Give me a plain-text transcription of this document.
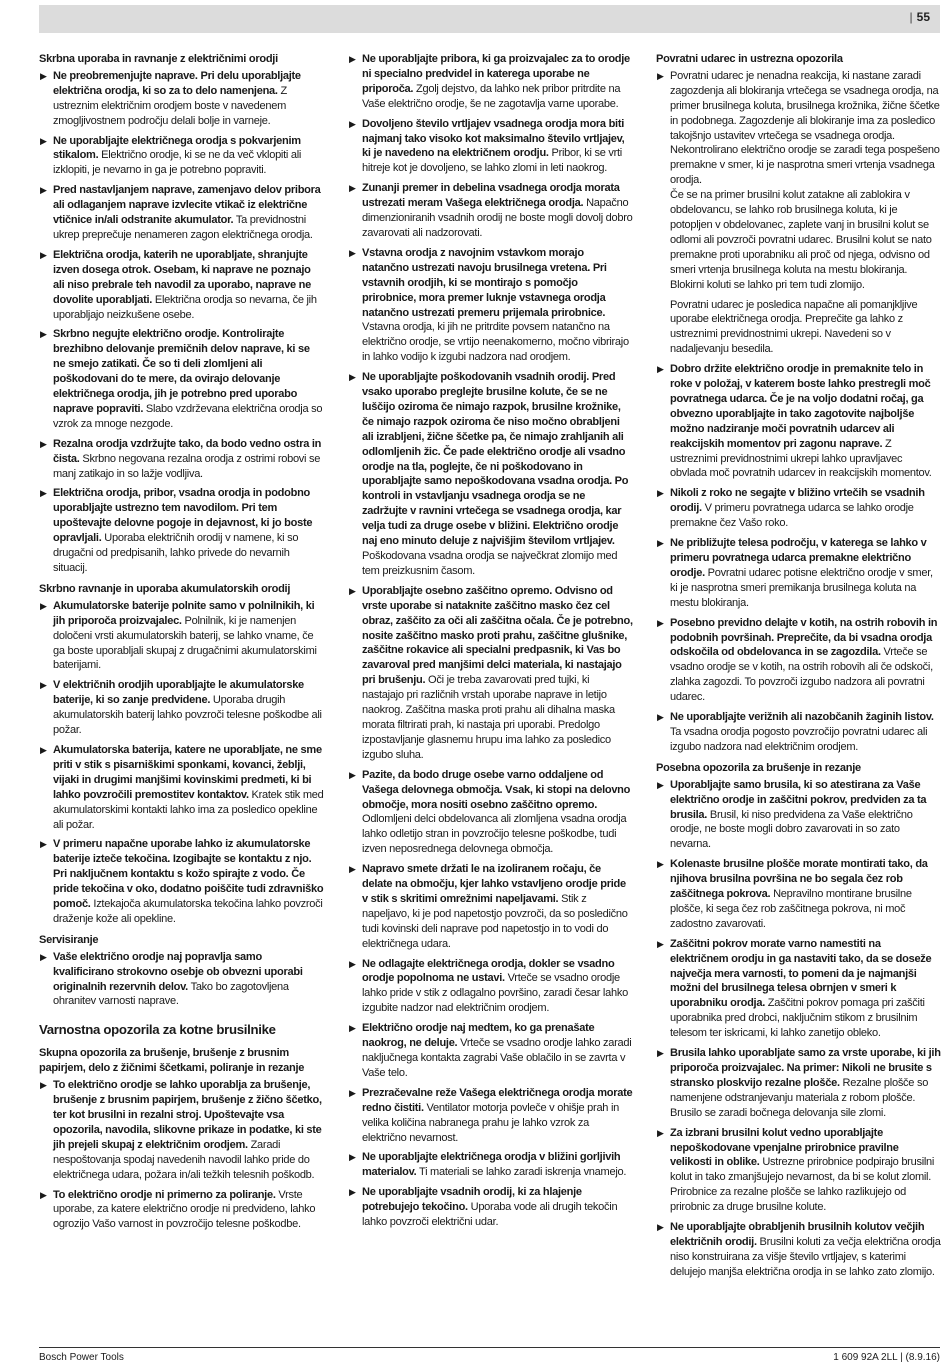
| 55
Skrbna uporaba in ravnanje z električnimi orodji
▶ Ne preobremenjujte naprave. Pri delu uporabljajte električna orodja, ki so za to delo namenjena. Z ustreznim električnim orodjem boste v navedenem zmogljivostnem področju delali bolje in varneje.
▶ Ne uporabljajte električnega orodja s pokvarjenim stikalom. Električno orodje, ki se ne da več vklopiti ali izklopiti, je nevarno in ga je potrebno popraviti.
▶ Pred nastavljanjem naprave, zamenjavo delov pribora ali odlaganjem naprave izvlecite vtikač iz električne vtičnice in/ali odstranite akumulator. Ta previdnostni ukrep preprečuje nenameren zagon električnega orodja.
▶ Električna orodja, katerih ne uporabljate, shranjujte izven dosega otrok. Osebam, ki naprave ne poznajo ali niso prebrale teh navodil za uporabo, naprave ne dovolite uporabljati. Električna orodja so nevarna, če jih uporabljajo neizkušene osebe.
▶ Skrbno negujte električno orodje. Kontrolirajte brezhibno delovanje premičnih delov naprave, ki se ne smejo zatikati. Če so ti deli zlomljeni ali poškodovani do te mere, da ovirajo delovanje električnega orodja, jih je potrebno pred uporabo naprave popraviti. Slabo vzdrževana električna orodja so vzrok za mnoge nezgode.
▶ Rezalna orodja vzdržujte tako, da bodo vedno ostra in čista. Skrbno negovana rezalna orodja z ostrimi robovi se manj zatikajo in so lažje vodljiva.
▶ Električna orodja, pribor, vsadna orodja in podobno uporabljajte ustrezno tem navodilom. Pri tem upoštevajte delovne pogoje in dejavnost, ki jo boste opravljali. Uporaba električnih orodij v namene, ki so drugačni od predpisanih, lahko privede do nevarnih situacij.
Skrbno ravnanje in uporaba akumulatorskih orodij
▶ Akumulatorske baterije polnite samo v polnilnikih, ki jih priporoča proizvajalec. Polnilnik, ki je namenjen določeni vrsti akumulatorskih baterij, se lahko vname, če ga boste uporabljali skupaj z drugačnimi akumulatorskimi baterijami.
▶ V električnih orodjih uporabljajte le akumulatorske baterije, ki so zanje predvidene. Uporaba drugih akumulatorskih baterij lahko povzroči telesne poškodbe ali požar.
▶ Akumulatorska baterija, katere ne uporabljate, ne sme priti v stik s pisarniškimi sponkami, kovanci, žeblji, vijaki in drugimi manjšimi kovinskimi predmeti, ki bi lahko povzročili premostitev kontaktov. Kratek stik med akumulatorskimi kontakti lahko ima za posledico opekline ali požar.
▶ V primeru napačne uporabe lahko iz akumulatorske baterije izteče tekočina. Izogibajte se kontaktu z njo. Pri naključnem kontaktu s kožo spirajte z vodo. Če pride tekočina v oko, dodatno poiščite tudi zdravniško pomoč. Iztekajoča akumulatorska tekočina lahko povzroči draženje kože ali opekline.
Servisiranje
▶ Vaše električno orodje naj popravlja samo kvalificirano strokovno osebje ob obvezni uporabi originalnih rezervnih delov. Tako bo zagotovljena ohranitev varnosti naprave.
Varnostna opozorila za kotne brusilnike
Skupna opozorila za brušenje, brušenje z brusnim papirjem, delo z žičnimi ščetkami, poliranje in rezanje
▶ To električno orodje se lahko uporablja za brušenje, brušenje z brusnim papirjem, brušenje z žično ščetko, ter kot brusilni in rezalni stroj. Upoštevajte vsa opozorila, navodila, slikovne prikaze in podatke, ki ste jih prejeli skupaj z električnim orodjem. Zaradi nespoštovanja spodaj navedenih navodil lahko pride do električnega udara, požara in/ali težkih telesnih poškodb.
▶ To električno orodje ni primerno za poliranje. Vrste uporabe, za katere električno orodje ni predvideno, lahko ogrozijo Vašo varnost in povzročijo telesne poškodbe.
▶ Ne uporabljajte pribora, ki ga proizvajalec za to orodje ni specialno predvidel in katerega uporabe ne priporoča. Zgolj dejstvo, da lahko nek pribor pritrdite na Vaše električno orodje, še ne zagotavlja varne uporabe.
▶ Dovoljeno število vrtljajev vsadnega orodja mora biti najmanj tako visoko kot maksimalno število vrtljajev, ki je navedeno na električnem orodju. Pribor, ki se vrti hitreje kot je dovoljeno, se lahko zlomi in leti naokrog.
▶ Zunanji premer in debelina vsadnega orodja morata ustrezati meram Vašega električnega orodja. Napačno dimenzioniranih vsadnih orodij ne boste mogli dovolj dobro zavarovati ali nadzorovati.
▶ Vstavna orodja z navojnim vstavkom morajo natančno ustrezati navoju brusilnega vretena. Pri vstavnih orodjih, ki se montirajo s pomočjo prirobnice, mora premer luknje vstavnega orodja natančno ustrezati premeru prijemala prirobnice. Vstavna orodja, ki jih ne pritrdite povsem natančno na električno orodje, se vrtijo neenakomerno, močno vibrirajo in lahko vodijo k izgubi nadzora nad orodjem.
▶ Ne uporabljajte poškodovanih vsadnih orodij. Pred vsako uporabo preglejte brusilne kolute, če se ne luščijo oziroma če nimajo razpok, brusilne krožnike, če nimajo razpok oziroma če niso močno obrabljeni ali izrabljeni, žične ščetke pa, če nimajo zrahljanih ali odlomljenih žic. Če pade električno orodje ali vsadno orodje na tla, poglejte, če ni poškodovano in uporabljajte samo nepoškodovana vsadna orodja. Po kontroli in vstavljanju vsadnega orodja se ne zadržujte v ravnini vrtečega se vsadnega orodja, kar velja tudi za druge osebe v bližini. Električno orodje naj eno minuto deluje z najvišjim številom vrtljajev. Poškodovana vsadna orodja se največkrat zlomijo med tem preizkusnim časom.
▶ Uporabljajte osebno zaščitno opremo. Odvisno od vrste uporabe si nataknite zaščitno masko čez cel obraz, zaščito za oči ali zaščitna očala. Če je potrebno, nosite zaščitno masko proti prahu, zaščitne glušnike, zaščitne rokavice ali specialni predpasnik, ki Vas bo zavaroval pred manjšimi delci materiala, ki nastajajo pri brušenju. Oči je treba zavarovati pred tujki, ki nastajajo pri različnih vrstah uporabe naprave in letijo naokrog. Zaščitna maska proti prahu ali dihalna maska morata filtrirati prah, ki nastaja pri uporabi. Predolgo izpostavljanje glasnemu hrupu ima lahko za posledico izgubo sluha.
▶ Pazite, da bodo druge osebe varno oddaljene od Vašega delovnega območja. Vsak, ki stopi na delovno območje, mora nositi osebno zaščitno opremo. Odlomljeni delci obdelovanca ali zlomljena vsadna orodja lahko odletijo stran in povzročijo telesne poškodbe, tudi izven neposrednega delovnega območja.
▶ Napravo smete držati le na izoliranem ročaju, če delate na območju, kjer lahko vstavljeno orodje pride v stik s skritimi omrežnimi napeljavami. Stik z napeljavo, ki je pod napetostjo povzroči, da so posledično tudi kovinski deli naprave pod napetostjo in to vodi do električnega udara.
▶ Ne odlagajte električnega orodja, dokler se vsadno orodje popolnoma ne ustavi. Vrteče se vsadno orodje lahko pride v stik z odlagalno površino, zaradi česar lahko izgubite nadzor nad električnim orodjem.
▶ Električno orodje naj medtem, ko ga prenašate naokrog, ne deluje. Vrteče se vsadno orodje lahko zaradi naključnega kontakta zagrabi Vaše oblačilo in se zavrta v Vaše telo.
▶ Prezračevalne reže Vašega električnega orodja morate redno čistiti. Ventilator motorja povleče v ohišje prah in velika količina nabranega prahu je lahko vzrok za električno nevarnost.
▶ Ne uporabljajte električnega orodja v bližini gorljivih materialov. Ti materiali se lahko zaradi iskrenja vnamejo.
▶ Ne uporabljajte vsadnih orodij, ki za hlajenje potrebujejo tekočino. Uporaba vode ali drugih tekočin lahko povzroči električni udar.
Povratni udarec in ustrezna opozorila
▶ Povratni udarec je nenadna reakcija, ki nastane zaradi zagozdenja ali blokiranja vrtečega se vsadnega orodja, na primer brusilnega koluta, brusilnega krožnika, žične ščetke in podobnega. Zagozdenje ali blokiranje ima za posledico takojšnjo ustavitev vrtečega se vsadnega orodja. Nekontrolirano električno orodje se zaradi tega pospešeno premakne v smer, ki je nasprotna smeri vrtenja vsadnega orodja.
Če se na primer brusilni kolut zatakne ali zablokira v obdelovancu, se lahko rob brusilnega koluta, ki je potopljen v obdelovanec, zaplete vanj in brusilni kolut se odlomi ali povzroči povratni udarec. Brusilni kolut se nato premakne proti uporabniku ali proč od njega, odvisno od smeri vrtenja brusilnega koluta na mestu blokiranja. Blokirni koluti se lahko pri tem tudi zlomijo.
Povratni udarec je posledica napačne ali pomanjkljive uporabe električnega orodja. Preprečite ga lahko z ustreznimi previdnostnimi ukrepi. Navedeni so v nadaljevanju besedila.
▶ Dobro držite električno orodje in premaknite telo in roke v položaj, v katerem boste lahko prestregli moč povratnega udarca. Če je na voljo dodatni ročaj, ga obvezno uporabljajte in tako zagotovite najboljše možno nadziranje moči povratnih udarcev ali reakcijskih momentov pri zagonu naprave. Z ustreznimi previdnostnimi ukrepi lahko upravljavec obvlada moč povratnih udarcev in reakcijskih momentov.
▶ Nikoli z roko ne segajte v bližino vrtečih se vsadnih orodij. V primeru povratnega udarca se lahko orodje premakne čez Vašo roko.
▶ Ne približujte telesa področju, v katerega se lahko v primeru povratnega udarca premakne električno orodje. Povratni udarec potisne električno orodje v smer, ki je nasprotna smeri premikanja brusilnega koluta na mestu blokiranja.
▶ Posebno previdno delajte v kotih, na ostrih robovih in podobnih površinah. Preprečite, da bi vsadna orodja odskočila od obdelovanca in se zagozdila. Vrteče se vsadno orodje se v kotih, na ostrih robovih ali če odskoči, zlahka zagozdi. To povzroči izgubo nadzora ali povratni udarec.
▶ Ne uporabljajte verižnih ali nazobčanih žaginih listov. Ta vsadna orodja pogosto povzročijo povratni udarec ali izgubo nadzora nad električnim orodjem.
Posebna opozorila za brušenje in rezanje
▶ Uporabljajte samo brusila, ki so atestirana za Vaše električno orodje in zaščitni pokrov, predviden za ta brusila. Brusil, ki niso predvidena za Vaše električno orodje, ne boste mogli dobro zavarovati in so zato nevarna.
▶ Kolenaste brusilne plošče morate montirati tako, da njihova brusilna površina ne bo segala čez rob zaščitnega pokrova. Nepravilno montirane brusilne plošče, ki sega čez rob zaščitnega pokrova, ni moč zadostno zavarovati.
▶ Zaščitni pokrov morate varno namestiti na električnem orodju in ga nastaviti tako, da se doseže največja mera varnosti, to pomeni da je najmanjši možni del brusilnega telesa obrnjen v smeri k uporabniku orodja. Zaščitni pokrov pomaga pri zaščiti uporabnika pred drobci, naključnim stikom z brusilnim telesom ter iskricami, ki lahko zanetijo obleko.
▶ Brusila lahko uporabljate samo za vrste uporabe, ki jih priporoča proizvajalec. Na primer: Nikoli ne brusite s stransko ploskvijo rezalne plošče. Rezalne plošče so namenjene odstranjevanju materiala z robom plošče. Brusilo se zaradi bočnega delovanja sile zlomi.
▶ Za izbrani brusilni kolut vedno uporabljajte nepoškodovane vpenjalne prirobnice pravilne velikosti in oblike. Ustrezne prirobnice podpirajo brusilni kolut in tako zmanjšujejo nevarnost, da bi se kolut zlomil. Prirobnice za rezalne plošče se lahko razlikujejo od prirobnic za druge brusilne kolute.
▶ Ne uporabljajte obrabljenih brusilnih kolutov večjih električnih orodij. Brusilni koluti za večja električna orodja niso konstruirana za višje število vrtljajev, s katerimi delujejo manjša električna orodja in se lahko zato zlomijo.
Bosch Power Tools	1 609 92A 2LL | (8.9.16)
